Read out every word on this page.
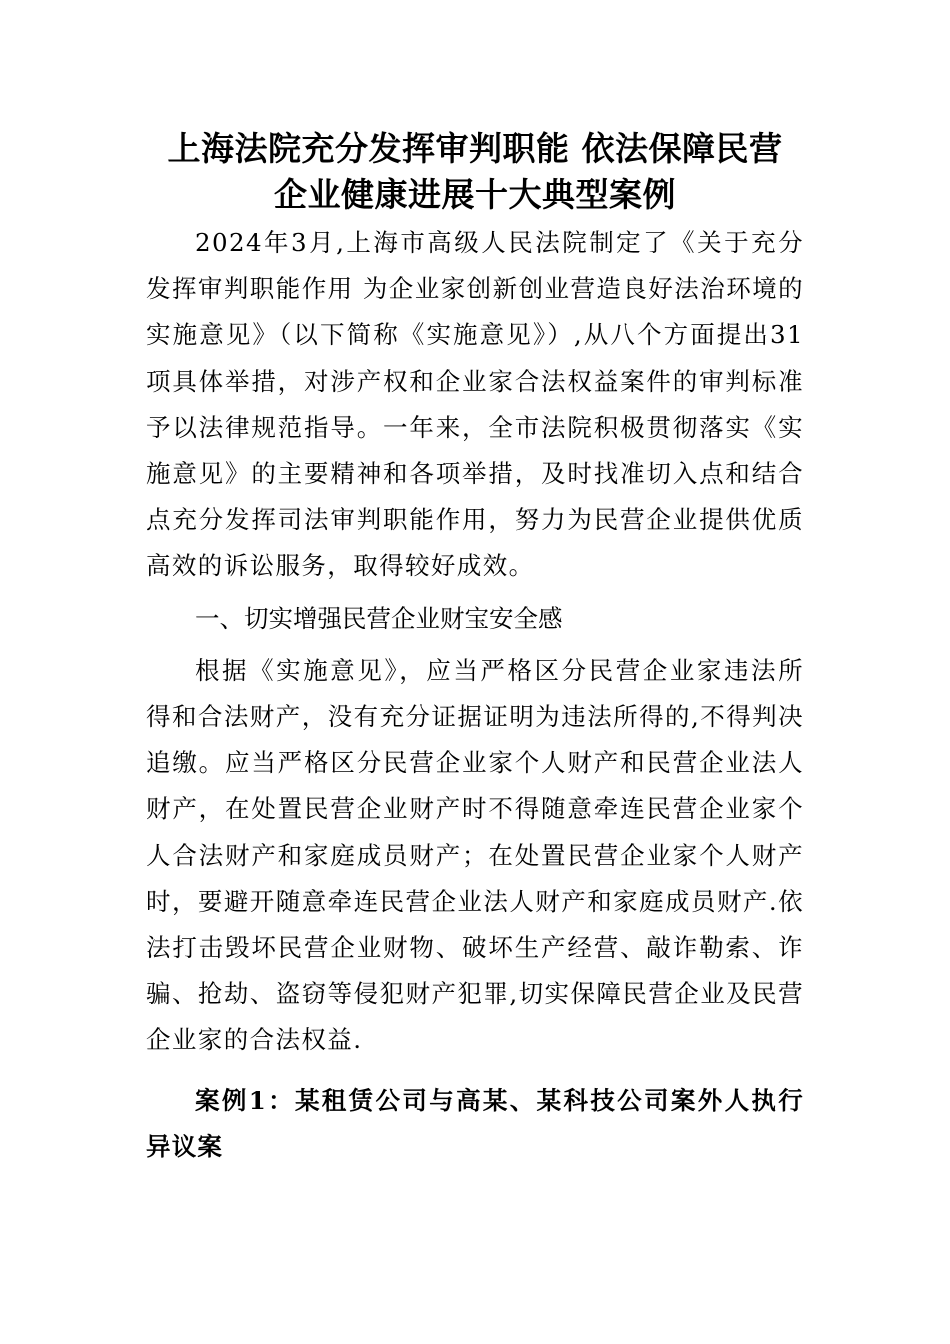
上海法院充分发挥审判职能 依法保障民营
企业健康进展十大典型案例

2024年3月,上海市高级人民法院制定了《关于充分发挥审判职能作用 为企业家创新创业营造良好法治环境的实施意见》（以下简称《实施意见》）,从八个方面提出31项具体举措，对涉产权和企业家合法权益案件的审判标准予以法律规范指导。一年来，全市法院积极贯彻落实《实施意见》的主要精神和各项举措，及时找准切入点和结合点充分发挥司法审判职能作用，努力为民营企业提供优质高效的诉讼服务，取得较好成效。

一、切实增强民营企业财宝安全感

根据《实施意见》，应当严格区分民营企业家违法所得和合法财产，没有充分证据证明为违法所得的,不得判决追缴。应当严格区分民营企业家个人财产和民营企业法人财产，在处置民营企业财产时不得随意牵连民营企业家个人合法财产和家庭成员财产；在处置民营企业家个人财产时，要避开随意牵连民营企业法人财产和家庭成员财产.依法打击毁坏民营企业财物、破坏生产经营、敲诈勒索、诈骗、抢劫、盗窃等侵犯财产犯罪,切实保障民营企业及民营企业家的合法权益.

案例1：某租赁公司与高某、某科技公司案外人执行异议案
